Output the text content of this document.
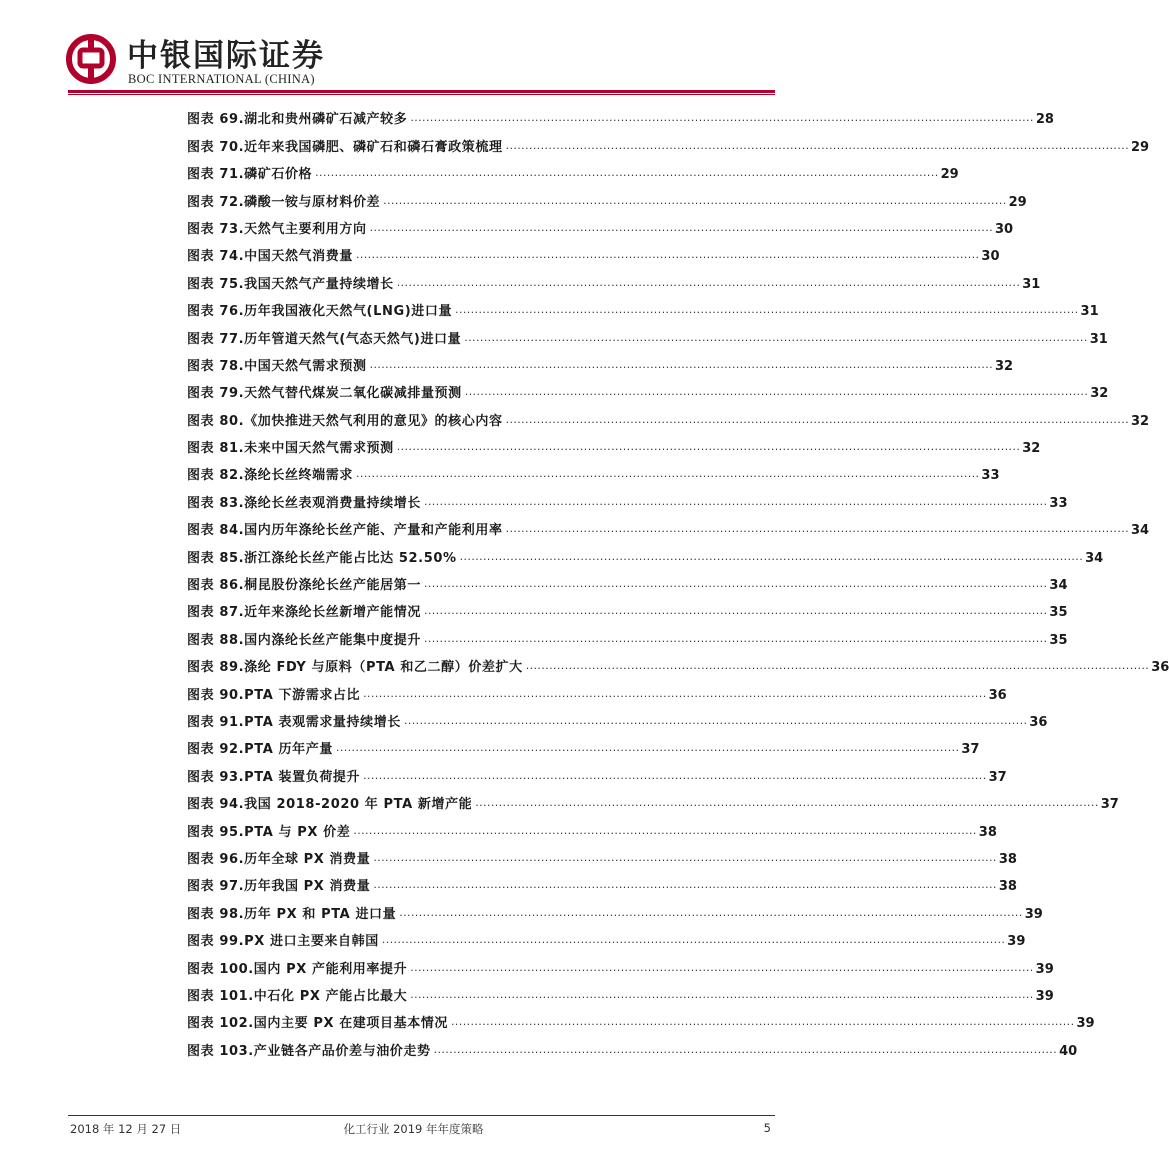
中银国际证券
BOC INTERNATIONAL (CHINA)
图表 69.湖北和贵州磷矿石减产较多 ................................................................................................................................................................ 28
图表 70.近年来我国磷肥、磷矿石和磷石膏政策梳理 ................................................................................................................................................................ 29
图表 71.磷矿石价格 ................................................................................................................................................................ 29
图表 72.磷酸一铵与原材料价差 ................................................................................................................................................................ 29
图表 73.天然气主要利用方向 ................................................................................................................................................................ 30
图表 74.中国天然气消费量 ................................................................................................................................................................ 30
图表 75.我国天然气产量持续增长 ................................................................................................................................................................ 31
图表 76.历年我国液化天然气(LNG)进口量 ................................................................................................................................................................ 31
图表 77.历年管道天然气(气态天然气)进口量 ................................................................................................................................................................ 31
图表 78.中国天然气需求预测 ................................................................................................................................................................ 32
图表 79.天然气替代煤炭二氧化碳减排量预测 ................................................................................................................................................................ 32
图表 80.《加快推进天然气利用的意见》的核心内容 ................................................................................................................................................................ 32
图表 81.未来中国天然气需求预测 ................................................................................................................................................................ 32
图表 82.涤纶长丝终端需求 ................................................................................................................................................................ 33
图表 83.涤纶长丝表观消费量持续增长 ................................................................................................................................................................ 33
图表 84.国内历年涤纶长丝产能、产量和产能利用率 ................................................................................................................................................................ 34
图表 85.浙江涤纶长丝产能占比达 52.50% ................................................................................................................................................................ 34
图表 86.桐昆股份涤纶长丝产能居第一 ................................................................................................................................................................ 34
图表 87.近年来涤纶长丝新增产能情况 ................................................................................................................................................................ 35
图表 88.国内涤纶长丝产能集中度提升 ................................................................................................................................................................ 35
图表 89.涤纶 FDY 与原料（PTA 和乙二醇）价差扩大 ................................................................................................................................................................ 36
图表 90.PTA 下游需求占比 ................................................................................................................................................................ 36
图表 91.PTA 表观需求量持续增长 ................................................................................................................................................................ 36
图表 92.PTA 历年产量 ................................................................................................................................................................ 37
图表 93.PTA 装置负荷提升 ................................................................................................................................................................ 37
图表 94.我国 2018-2020 年 PTA 新增产能 ................................................................................................................................................................ 37
图表 95.PTA 与 PX 价差 ................................................................................................................................................................ 38
图表 96.历年全球 PX 消费量 ................................................................................................................................................................ 38
图表 97.历年我国 PX 消费量 ................................................................................................................................................................ 38
图表 98.历年 PX 和 PTA 进口量 ................................................................................................................................................................ 39
图表 99.PX 进口主要来自韩国 ................................................................................................................................................................ 39
图表 100.国内 PX 产能利用率提升 ................................................................................................................................................................ 39
图表 101.中石化 PX 产能占比最大 ................................................................................................................................................................ 39
图表 102.国内主要 PX 在建项目基本情况 ................................................................................................................................................................ 39
图表 103.产业链各产品价差与油价走势 ................................................................................................................................................................ 40
2018 年 12 月 27 日	化工行业 2019 年年度策略	5
